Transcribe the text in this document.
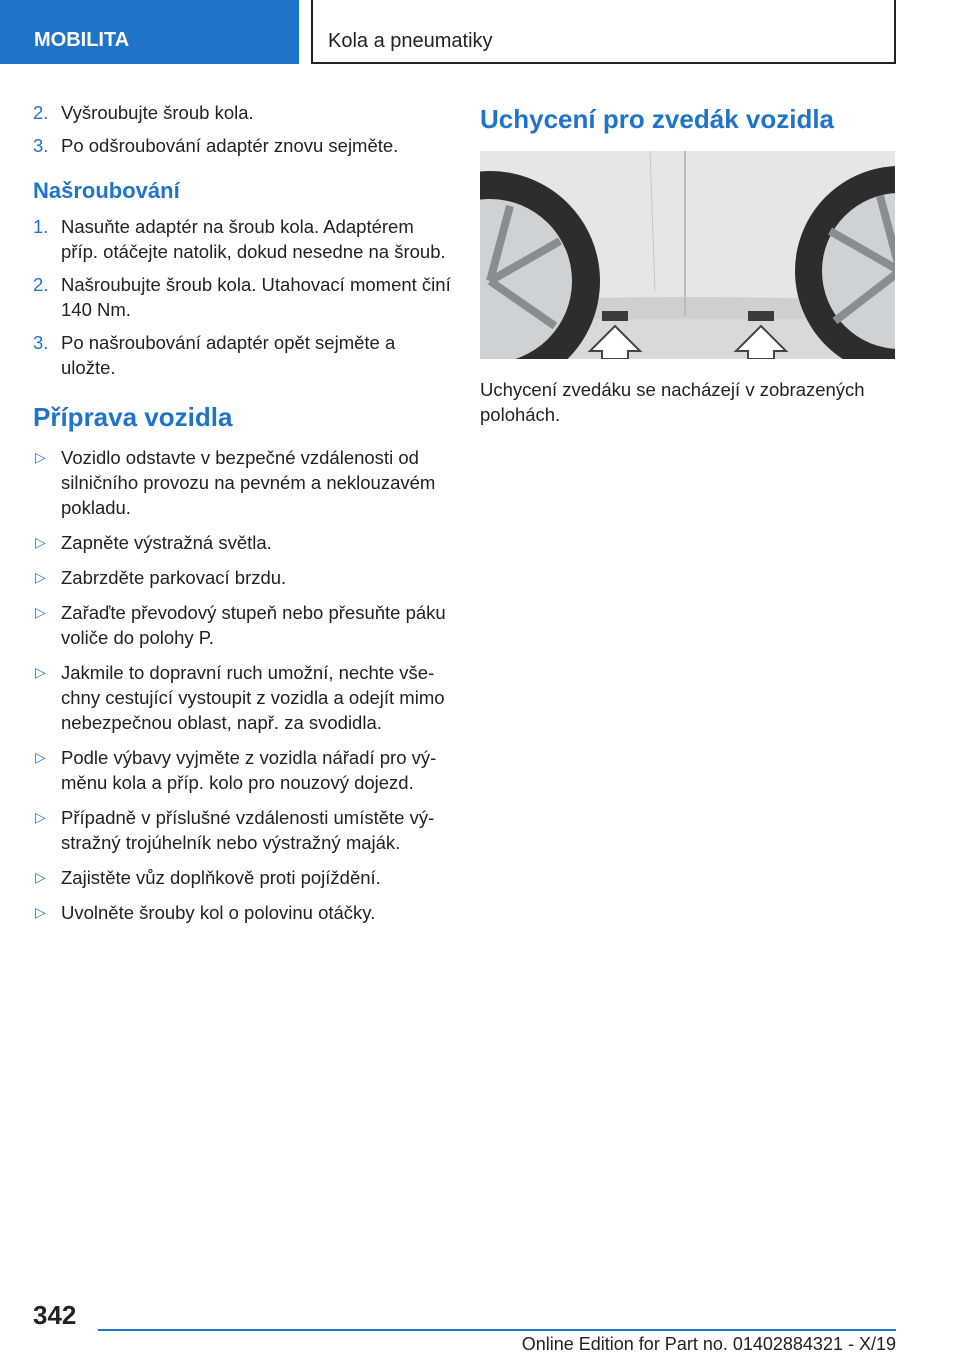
MOBILITA	Kola a pneumatiky
2. Vyšroubujte šroub kola.
3. Po odšroubování adaptér znovu sejměte.
Našroubování
1. Nasuňte adaptér na šroub kola. Adaptérem příp. otáčejte natolik, dokud nesedne na šroub.
2. Našroubujte šroub kola. Utahovací moment činí 140 Nm.
3. Po našroubování adaptér opět sejměte a uložte.
Příprava vozidla
▷ Vozidlo odstavte v bezpečné vzdálenosti od silničního provozu na pevném a neklouzavém pokladu.
▷ Zapněte výstražná světla.
▷ Zabrzděte parkovací brzdu.
▷ Zařaďte převodový stupeň nebo přesuňte páku voliče do polohy P.
▷ Jakmile to dopravní ruch umožní, nechte všechny cestující vystoupit z vozidla a odejít mimo nebezpečnou oblast, např. za svodidla.
▷ Podle výbavy vyjměte z vozidla nářadí pro výměnu kola a příp. kolo pro nouzový dojezd.
▷ Případně v příslušné vzdálenosti umístěte výstražný trojúhelník nebo výstražný maják.
▷ Zajistěte vůz doplňkově proti pojíždění.
▷ Uvolněte šrouby kol o polovinu otáčky.
Uchycení pro zvedák vozidla
Uchycení zvedáku se nacházejí v zobrazených polohách.
342
Online Edition for Part no. 01402884321 - X/19
